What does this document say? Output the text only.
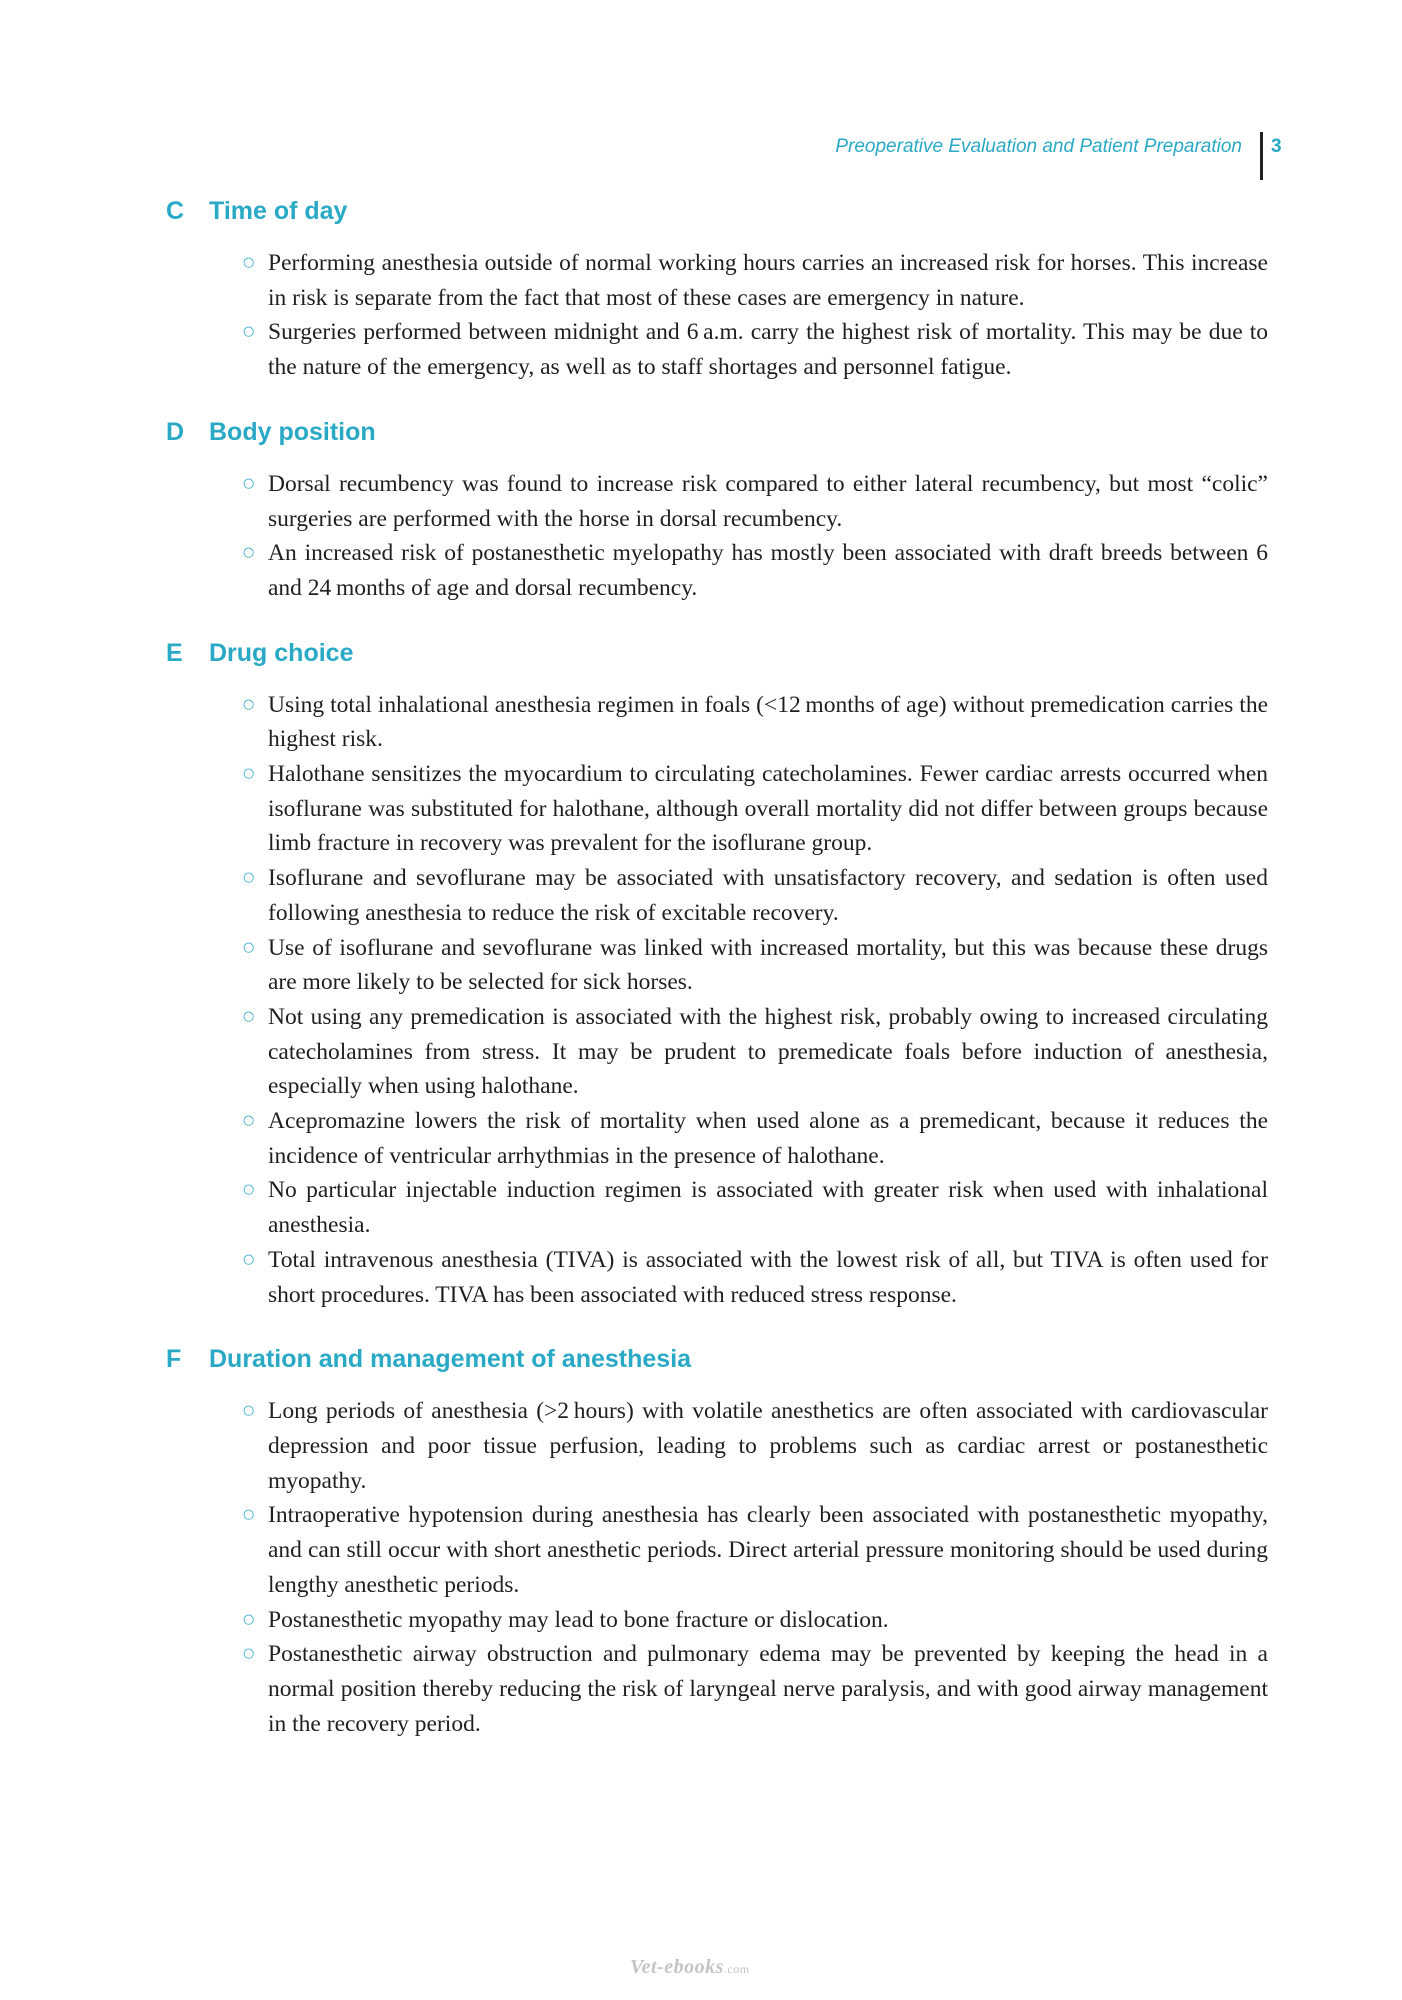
Preoperative Evaluation and Patient Preparation 3
C Time of day
○ Performing anesthesia outside of normal working hours carries an increased risk for horses. This increase in risk is separate from the fact that most of these cases are emergency in nature.
○ Surgeries performed between midnight and 6 a.m. carry the highest risk of mortality. This may be due to the nature of the emergency, as well as to staff shortages and personnel fatigue.
D Body position
○ Dorsal recumbency was found to increase risk compared to either lateral recumbency, but most “colic” surgeries are performed with the horse in dorsal recumbency.
○ An increased risk of postanesthetic myelopathy has mostly been associated with draft breeds between 6 and 24 months of age and dorsal recumbency.
E Drug choice
○ Using total inhalational anesthesia regimen in foals (<12 months of age) without premedication carries the highest risk.
○ Halothane sensitizes the myocardium to circulating catecholamines. Fewer cardiac arrests occurred when isoflurane was substituted for halothane, although overall mortality did not differ between groups because limb fracture in recovery was prevalent for the isoflurane group.
○ Isoflurane and sevoflurane may be associated with unsatisfactory recovery, and sedation is often used following anesthesia to reduce the risk of excitable recovery.
○ Use of isoflurane and sevoflurane was linked with increased mortality, but this was because these drugs are more likely to be selected for sick horses.
○ Not using any premedication is associated with the highest risk, probably owing to increased circulating catecholamines from stress. It may be prudent to premedicate foals before induction of anesthesia, especially when using halothane.
○ Acepromazine lowers the risk of mortality when used alone as a premedicant, because it reduces the incidence of ventricular arrhythmias in the presence of halothane.
○ No particular injectable induction regimen is associated with greater risk when used with inhalational anesthesia.
○ Total intravenous anesthesia (TIVA) is associated with the lowest risk of all, but TIVA is often used for short procedures. TIVA has been associated with reduced stress response.
F Duration and management of anesthesia
○ Long periods of anesthesia (>2 hours) with volatile anesthetics are often associated with cardiovascular depression and poor tissue perfusion, leading to problems such as cardiac arrest or postanesthetic myopathy.
○ Intraoperative hypotension during anesthesia has clearly been associated with postanesthetic myopathy, and can still occur with short anesthetic periods. Direct arterial pressure monitoring should be used during lengthy anesthetic periods.
○ Postanesthetic myopathy may lead to bone fracture or dislocation.
○ Postanesthetic airway obstruction and pulmonary edema may be prevented by keeping the head in a normal position thereby reducing the risk of laryngeal nerve paralysis, and with good airway management in the recovery period.
Vet-ebooks.com
